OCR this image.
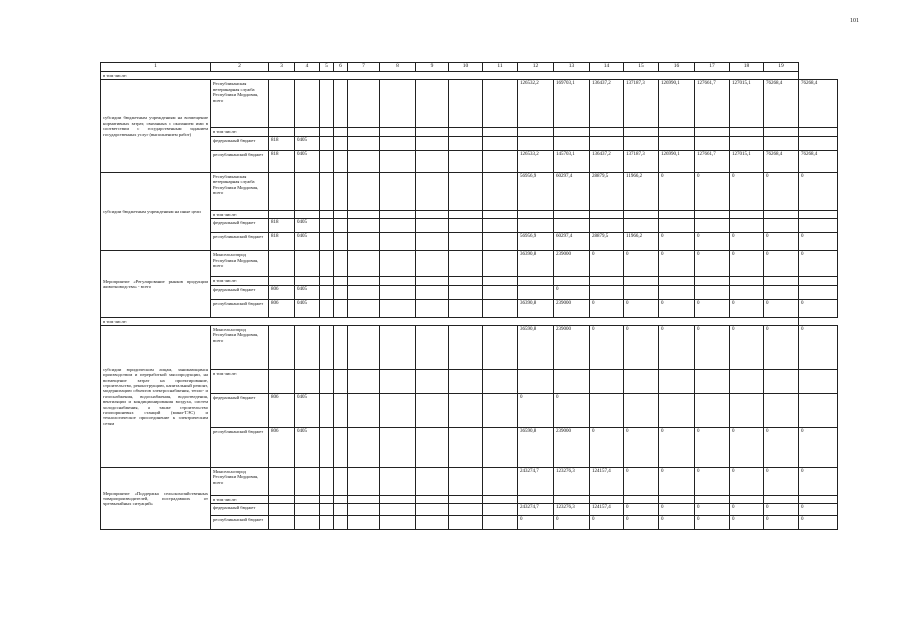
101
1	2	3	4	5	6	7	8	9	10	11	12	13	14	15	16	17	18	19	
в том числе:																			
субсидии бюджетным учреждениям на возмещение нормативных затрат, связанных с оказанием ими в соответствии с государственным заданием государственных услуг (выполнением работ)	Республиканская ветеринарная служба Республики Мордовия, всего										126532,2	169703,1	136437,2	137187,3	126990,1	127661,7	127015,1	76268,4	76268,4
	в том числе:																		
	федеральный бюджет	818	0405																
	республиканский бюджет	818	0405								126533,2	145703,1	136437,2	137187,3	126990,1	127661,7	127015,1	76268,4	76268,4
субсидии бюджетным учреждениям на иные цели	Республиканская ветеринарная служба Республики Мордовия, всего										56956,9	60297,4	28879,5	11966,2	0	0	0	0	0
	в том числе:																		
	федеральный бюджет	818	0405																
	республиканский бюджет	818	0405								56956,9	60297,4	28879,5	11966,2	0	0	0	0	0
Мероприятие «Регулирование рынков продукции животноводства» - всего	Минсельхозпрод Республики Мордовия, всего										36390,8	239000	0	0	0	0	0	0	0
	в том числе:																		
	федеральный бюджет	806	0405									0							
	республиканский бюджет	806	0405								36390,8	239000	0	0	0	0	0	0	0
в том числе:																			
субсидии юридическим лицам, занимающимся производством и переработкой мясопродукции, на возмещение затрат на проектирование, строительство, реконструкцию, капитальный ремонт, модернизацию объектов электроснабжения, тепло- и газоснабжения, водоснабжения, водоотведения, вентиляции и кондиционирования воздуха, систем холодоснабжения, а также строительство газопоршневых станций (мини-ТЭС) и технологическое присоединение к электрическим сетям	Минсельхозпрод Республики Мордовия, всего										36590,8	239000	0	0	0	0	0	0	0
	в том числе:																		
	федеральный бюджет	806	0405								0	0							
	республиканский бюджет	806	0405								36590,8	239000	0	0	0	0	0	0	0
Мероприятие «Поддержка сельскохозяйственных товаропроизводителей, пострадавших от чрезвычайных ситуаций»	Минсельхозпрод Республики Мордовия, всего										243274,7	123276,3	124157,4	0	0	0	0	0	0
	в том числе:																		
	федеральный бюджет										243274,7	123276,3	124157,4	0	0	0	0	0	0
	республиканский бюджет										0	0	0	0	0	0	0	0	0
